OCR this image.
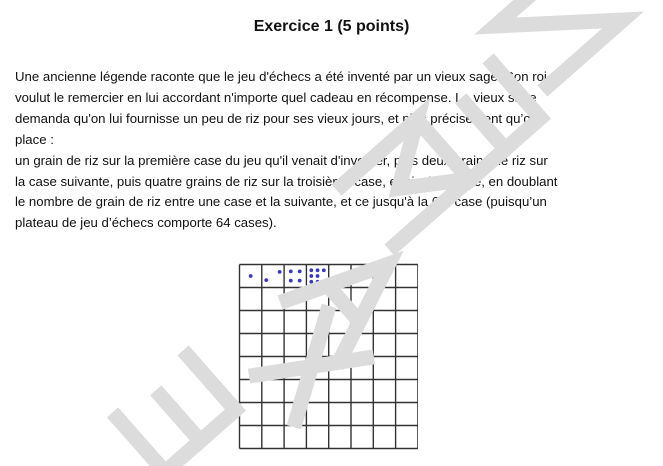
Exercice 1 (5 points)
Une ancienne légende raconte que le jeu d'échecs a été inventé par un vieux sage. Son roi
voulut le remercier en lui accordant n'importe quel cadeau en récompense. Le vieux sage
demanda qu'on lui fournisse un peu de riz pour ses vieux jours, et plus précisément qu’on
place :
un grain de riz sur la première case du jeu qu'il venait d'inventer, puis deux grains de riz sur
la case suivante, puis quatre grains de riz sur la troisième case, et ainsi de suite, en doublant
le nombre de grain de riz entre une case et la suivante, et ce jusqu'à la 64e case (puisqu’un
plateau de jeu d’échecs comporte 64 cases).
